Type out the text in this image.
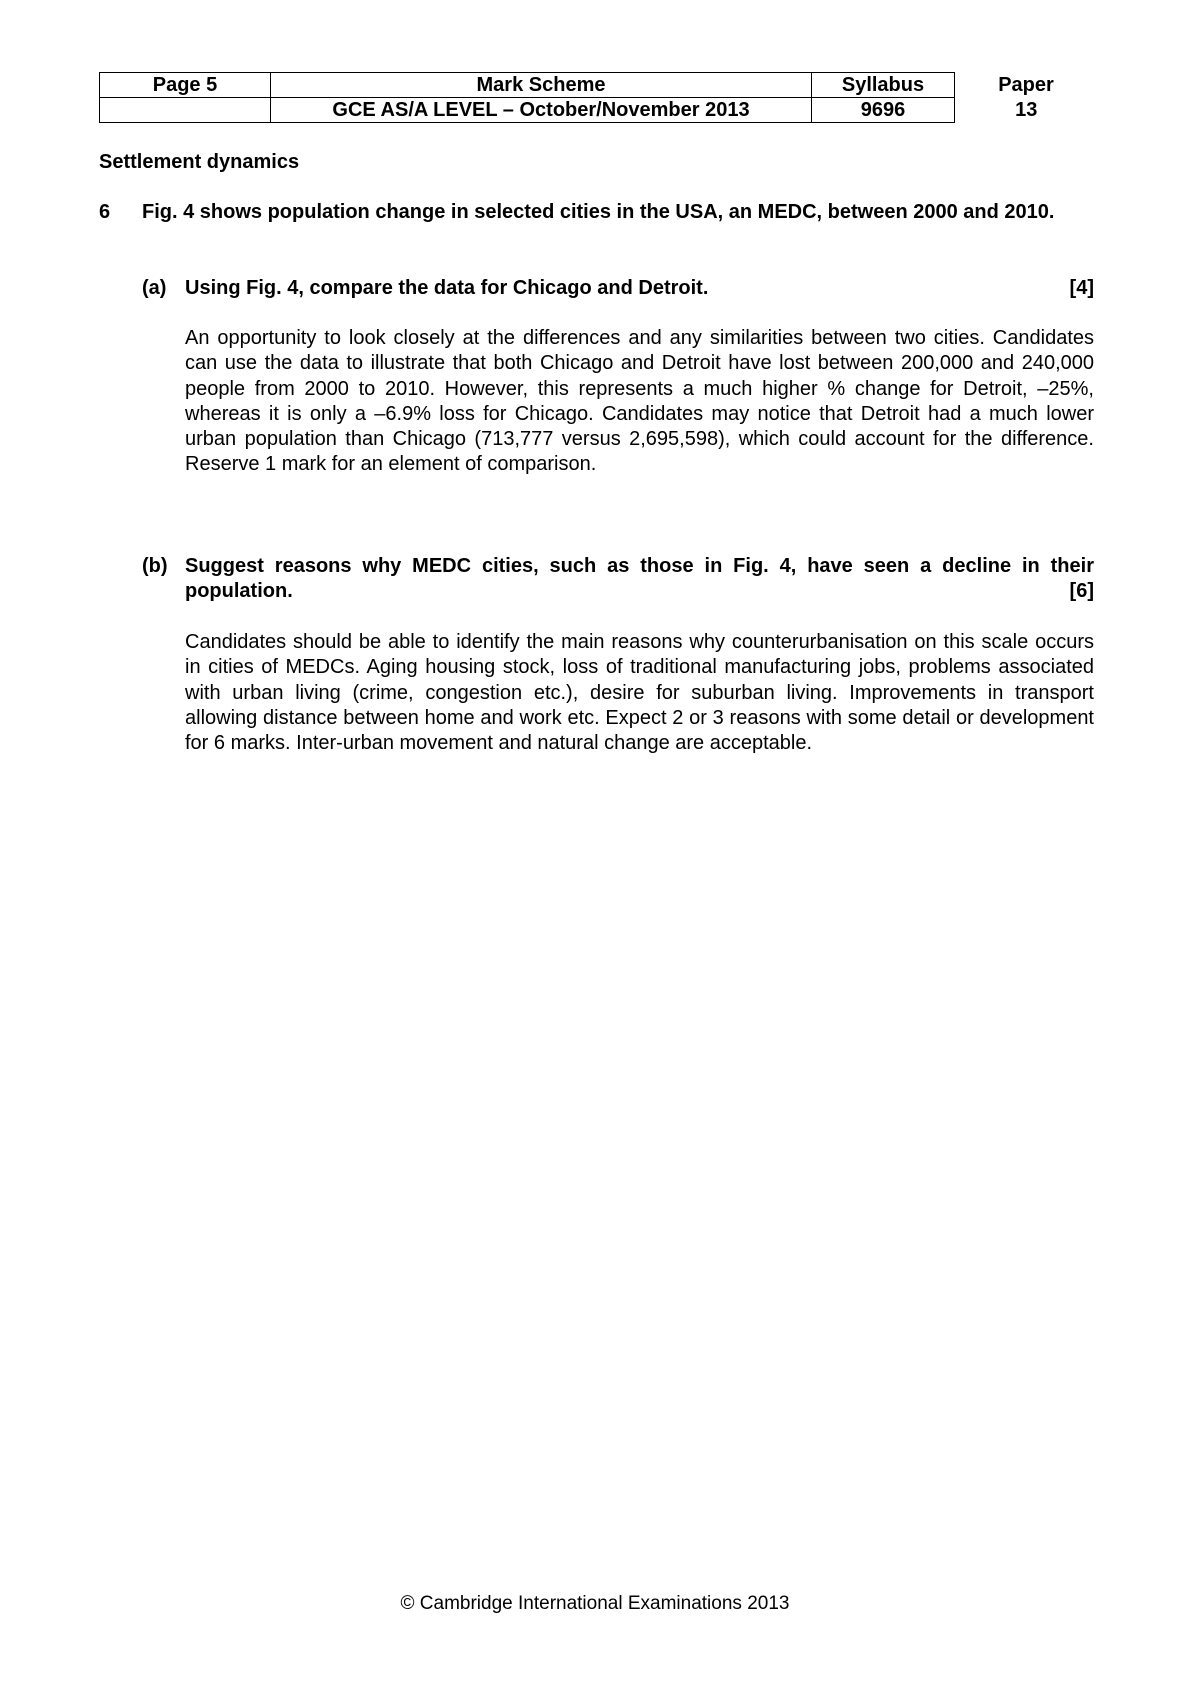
Page 5	Mark Scheme	Syllabus	Paper
	GCE AS/A LEVEL – October/November 2013	9696	13
Settlement dynamics
6 Fig. 4 shows population change in selected cities in the USA, an MEDC, between 2000 and 2010.

(a)	[4]
Using Fig. 4, compare the data for Chicago and Detroit.

An opportunity to look closely at the differences and any similarities between two cities. Candidates can use the data to illustrate that both Chicago and Detroit have lost between 200,000 and 240,000 people from 2000 to 2010. However, this represents a much higher % change for Detroit, –25%, whereas it is only a –6.9% loss for Chicago. Candidates may notice that Detroit had a much lower urban population than Chicago (713,777 versus 2,695,598), which could account for the difference. Reserve 1 mark for an element of comparison.

(b) Suggest reasons why MEDC cities, such as those in Fig. 4, have seen a decline in their population.	[6]

Candidates should be able to identify the main reasons why counterurbanisation on this scale occurs in cities of MEDCs. Aging housing stock, loss of traditional manufacturing jobs, problems associated with urban living (crime, congestion etc.), desire for suburban living. Improvements in transport allowing distance between home and work etc. Expect 2 or 3 reasons with some detail or development for 6 marks. Inter-urban movement and natural change are acceptable.

© Cambridge International Examinations 2013
